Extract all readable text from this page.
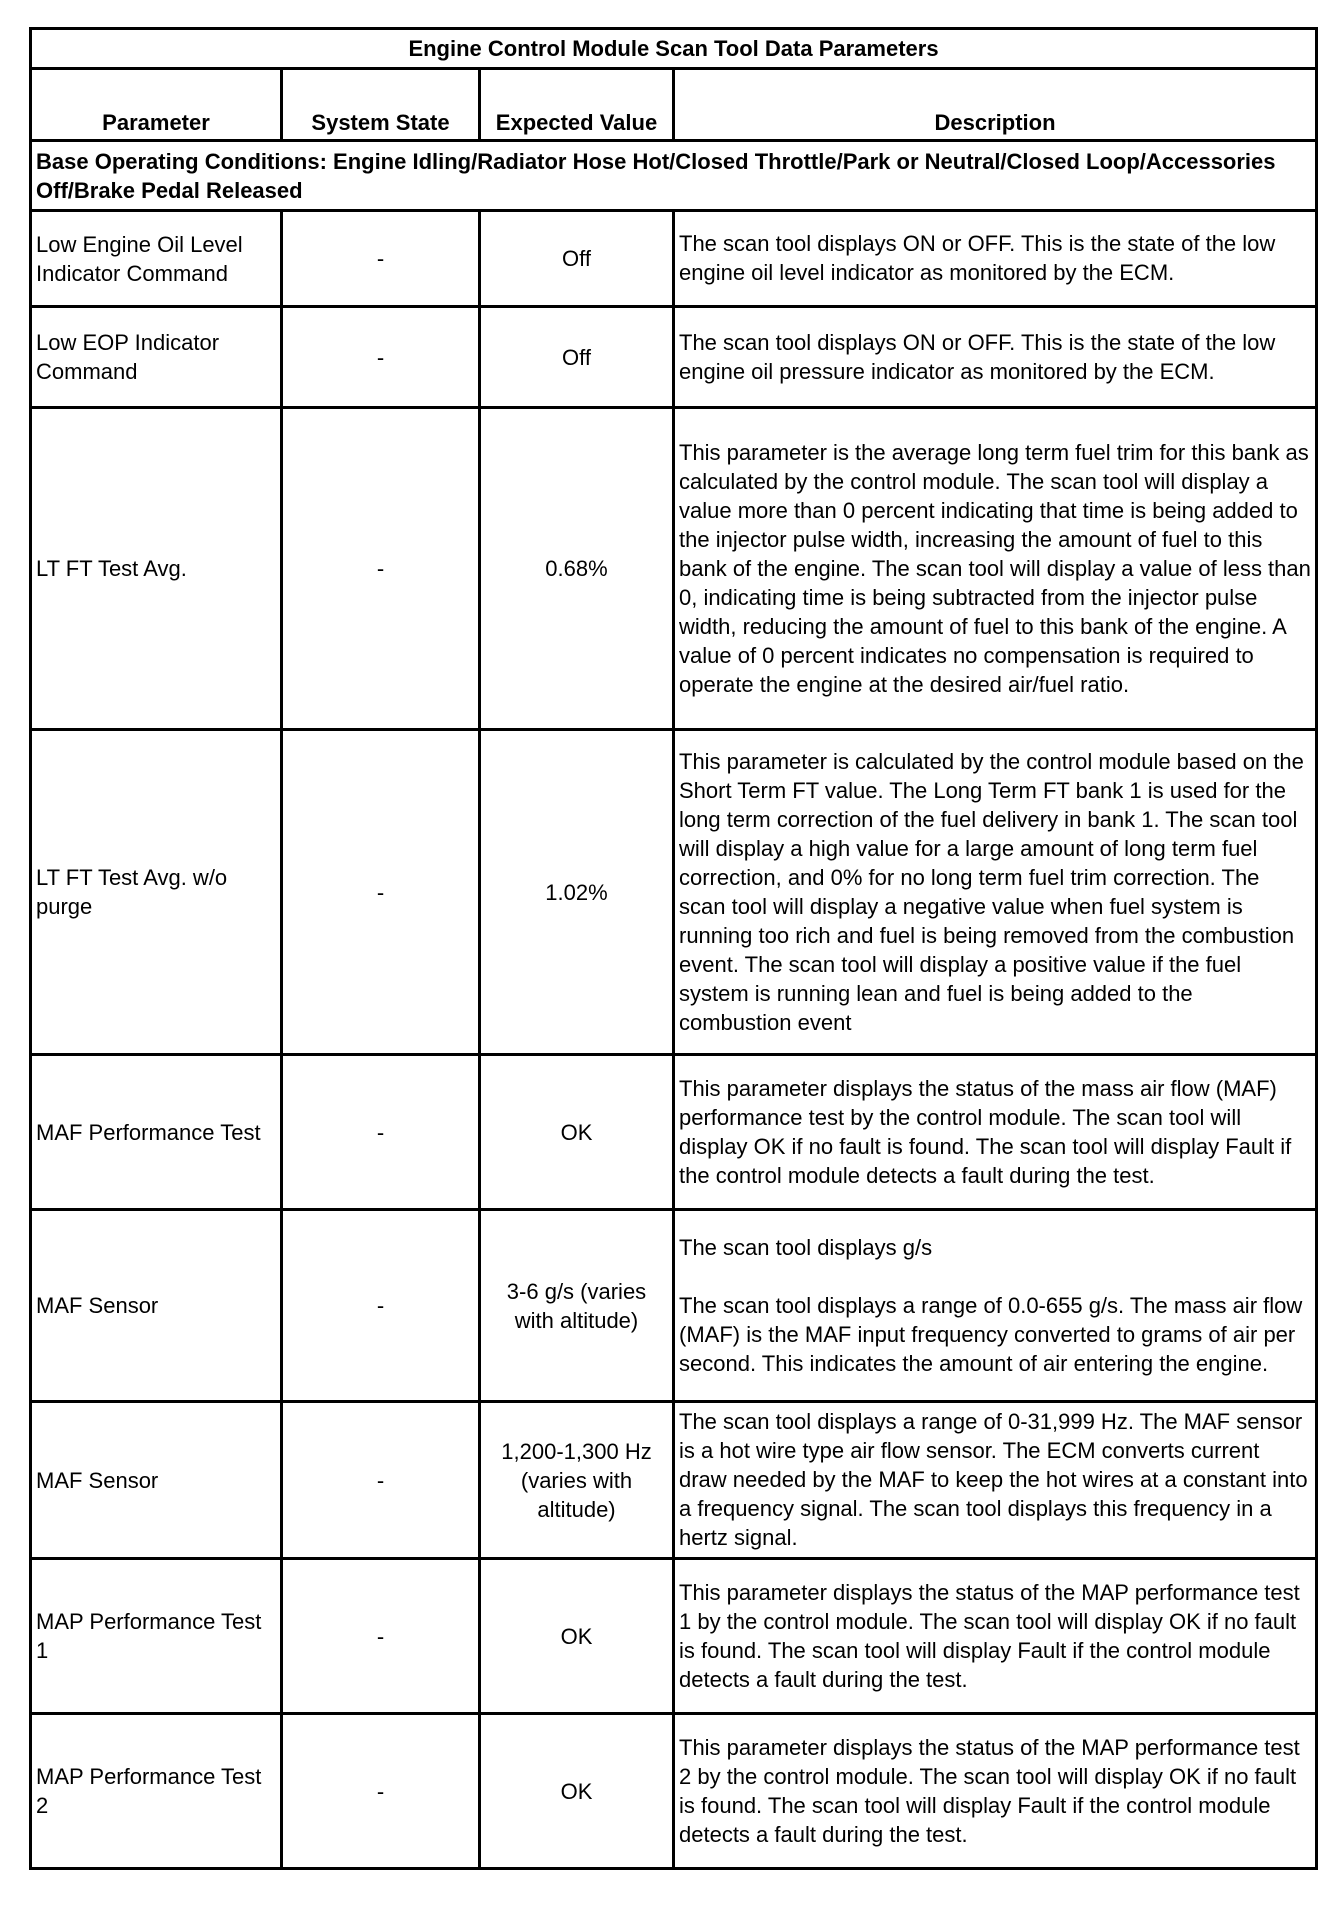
Engine Control Module Scan Tool Data Parameters			
Parameter	System State	Expected Value	Description
Base Operating Conditions: Engine Idling/Radiator Hose Hot/Closed Throttle/Park or Neutral/Closed Loop/Accessories Off/Brake Pedal Released			
Low Engine Oil Level Indicator Command	-	Off	The scan tool displays ON or OFF. This is the state of the low engine oil level indicator as monitored by the ECM.
Low EOP Indicator Command	-	Off	The scan tool displays ON or OFF. This is the state of the low engine oil pressure indicator as monitored by the ECM.
LT FT Test Avg.	-	0.68%	This parameter is the average long term fuel trim for this bank as calculated by the control module. The scan tool will display a value more than 0 percent indicating that time is being added to the injector pulse width, increasing the amount of fuel to this bank of the engine. The scan tool will display a value of less than 0, indicating time is being subtracted from the injector pulse width, reducing the amount of fuel to this bank of the engine. A value of 0 percent indicates no compensation is required to operate the engine at the desired air/fuel ratio.
LT FT Test Avg. w/o purge	-	1.02%	This parameter is calculated by the control module based on the Short Term FT value. The Long Term FT bank 1 is used for the long term correction of the fuel delivery in bank 1. The scan tool will display a high value for a large amount of long term fuel correction, and 0% for no long term fuel trim correction. The scan tool will display a negative value when fuel system is running too rich and fuel is being removed from the combustion event. The scan tool will display a positive value if the fuel system is running lean and fuel is being added to the combustion event
MAF Performance Test	-	OK	This parameter displays the status of the mass air flow (MAF) performance test by the control module. The scan tool will display OK if no fault is found. The scan tool will display Fault if the control module detects a fault during the test.
MAF Sensor	-	3-6 g/s (varies with altitude)	The scan tool displays g/s

The scan tool displays a range of 0.0-655 g/s. The mass air flow (MAF) is the MAF input frequency converted to grams of air per second. This indicates the amount of air entering the engine.
MAF Sensor	-	1,200-1,300 Hz (varies with altitude)	The scan tool displays a range of 0-31,999 Hz. The MAF sensor is a hot wire type air flow sensor. The ECM converts current draw needed by the MAF to keep the hot wires at a constant into a frequency signal. The scan tool displays this frequency in a hertz signal.
MAP Performance Test 1	-	OK	This parameter displays the status of the MAP performance test 1 by the control module. The scan tool will display OK if no fault is found. The scan tool will display Fault if the control module detects a fault during the test.
MAP Performance Test 2	-	OK	This parameter displays the status of the MAP performance test 2 by the control module. The scan tool will display OK if no fault is found. The scan tool will display Fault if the control module detects a fault during the test.
